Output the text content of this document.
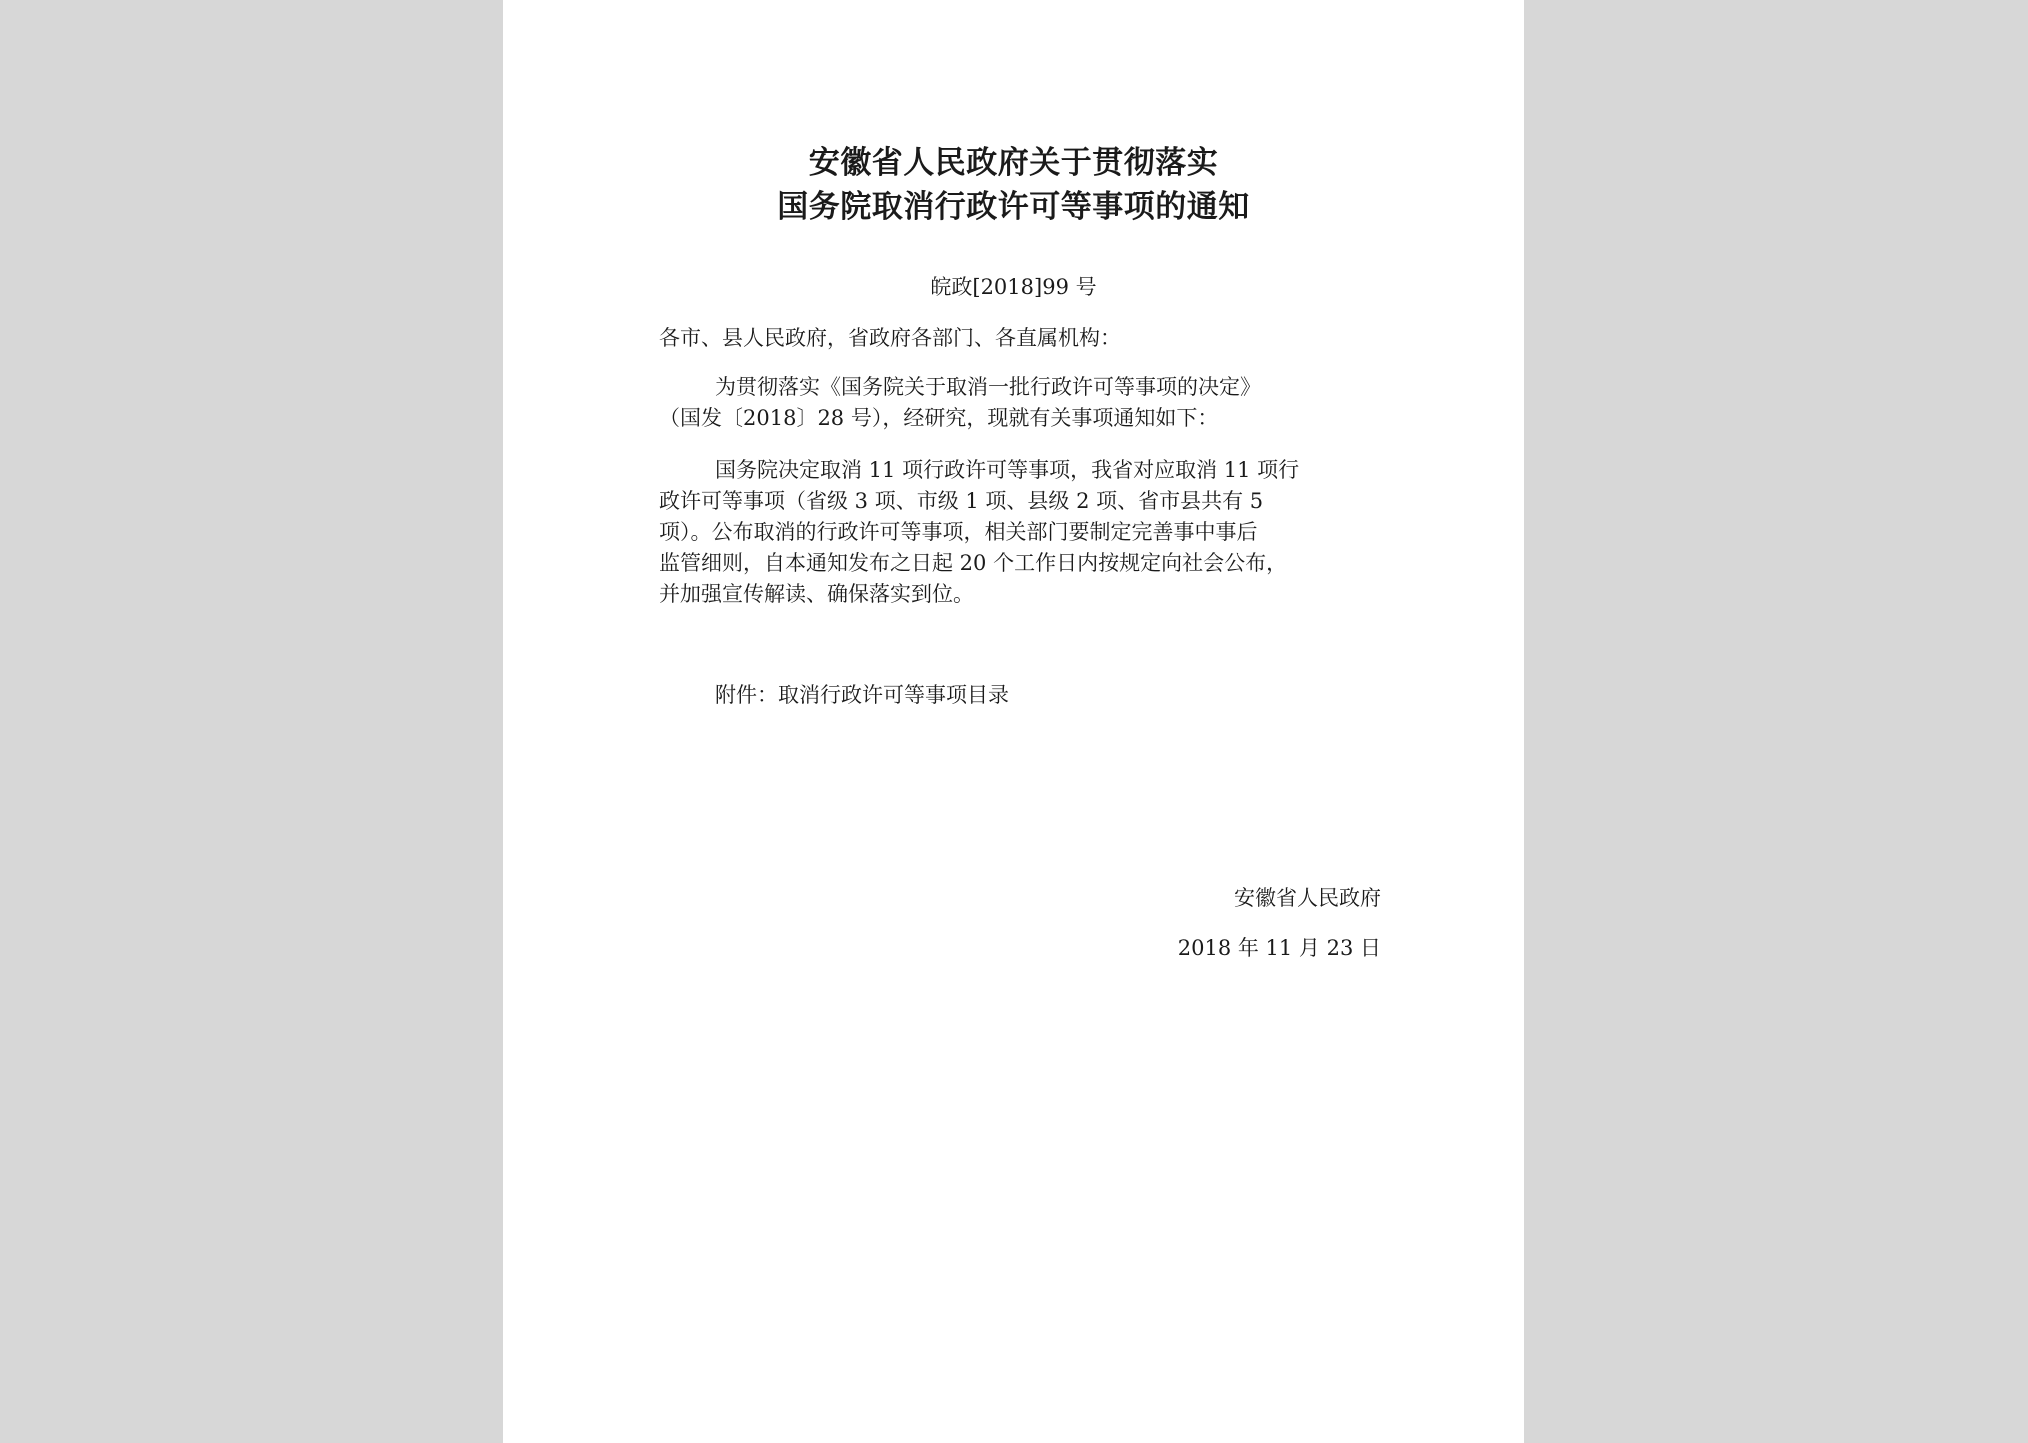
安徽省人民政府关于贯彻落实
国务院取消行政许可等事项的通知
皖政[2018]99 号
各市、县人民政府，省政府各部门、各直属机构：
为贯彻落实《国务院关于取消一批行政许可等事项的决定》
（国发〔2018〕28 号），经研究，现就有关事项通知如下：
国务院决定取消 11 项行政许可等事项，我省对应取消 11 项行
政许可等事项（省级 3 项、市级 1 项、县级 2 项、省市县共有 5
项）。公布取消的行政许可等事项，相关部门要制定完善事中事后
监管细则，自本通知发布之日起 20 个工作日内按规定向社会公布，
并加强宣传解读、确保落实到位。
附件：取消行政许可等事项目录
安徽省人民政府
2018 年 11 月 23 日
